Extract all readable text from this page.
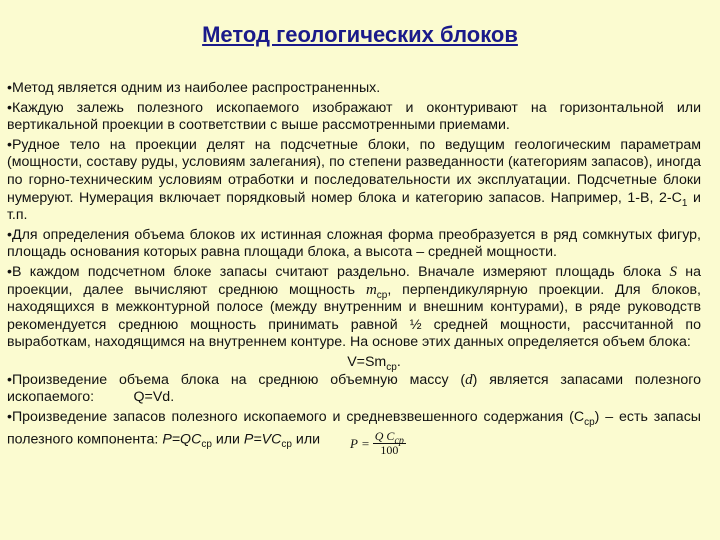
Метод геологических блоков

•Метод является одним из наиболее распространенных.

•Каждую залежь полезного ископаемого изображают и оконтуривают на горизонтальной или вертикальной проекции в соответствии с выше рассмотренными приемами.

•Рудное тело на проекции делят на подсчетные блоки, по ведущим геологическим параметрам (мощности, составу руды, условиям залегания), по степени разведанности (категориям запасов), иногда по горно-техническим условиям отработки и последовательности их эксплуатации. Подсчетные блоки нумеруют. Нумерация включает порядковый номер блока и категорию запасов. Например, 1-В, $2-С_1$ и т.п.

•Для определения объема блоков их истинная сложная форма преобразуется в ряд сомкнутых фигур, площадь основания которых равна площади блока, а высота – средней мощности.

•В каждом подсчетном блоке запасы считают раздельно. Вначале измеряют площадь блока S на проекции, далее вычисляют среднюю мощность $m_{ср}$, перпендикулярную проекции. Для блоков, находящихся в межконтурной полосе (между внутренним и внешним контурами), в ряде руководств рекомендуется среднюю мощность принимать равной ½ средней мощности, рассчитанной по выработкам, находящимся на внутреннем контуре. На основе этих данных определяется объем блока:

$V=Sm_{ср}$.

•Произведение объема блока на среднюю объемную массу (d) является запасами полезного ископаемого:	Q=Vd.

•Произведение запасов полезного ископаемого и средневзвешенного содержания $(С_{ср})$ – есть запасы полезного компонента: $P=QC_{ср}$ или $P=VC_{ср}$ или $P = \frac{Q C_{ср}}{100}$
